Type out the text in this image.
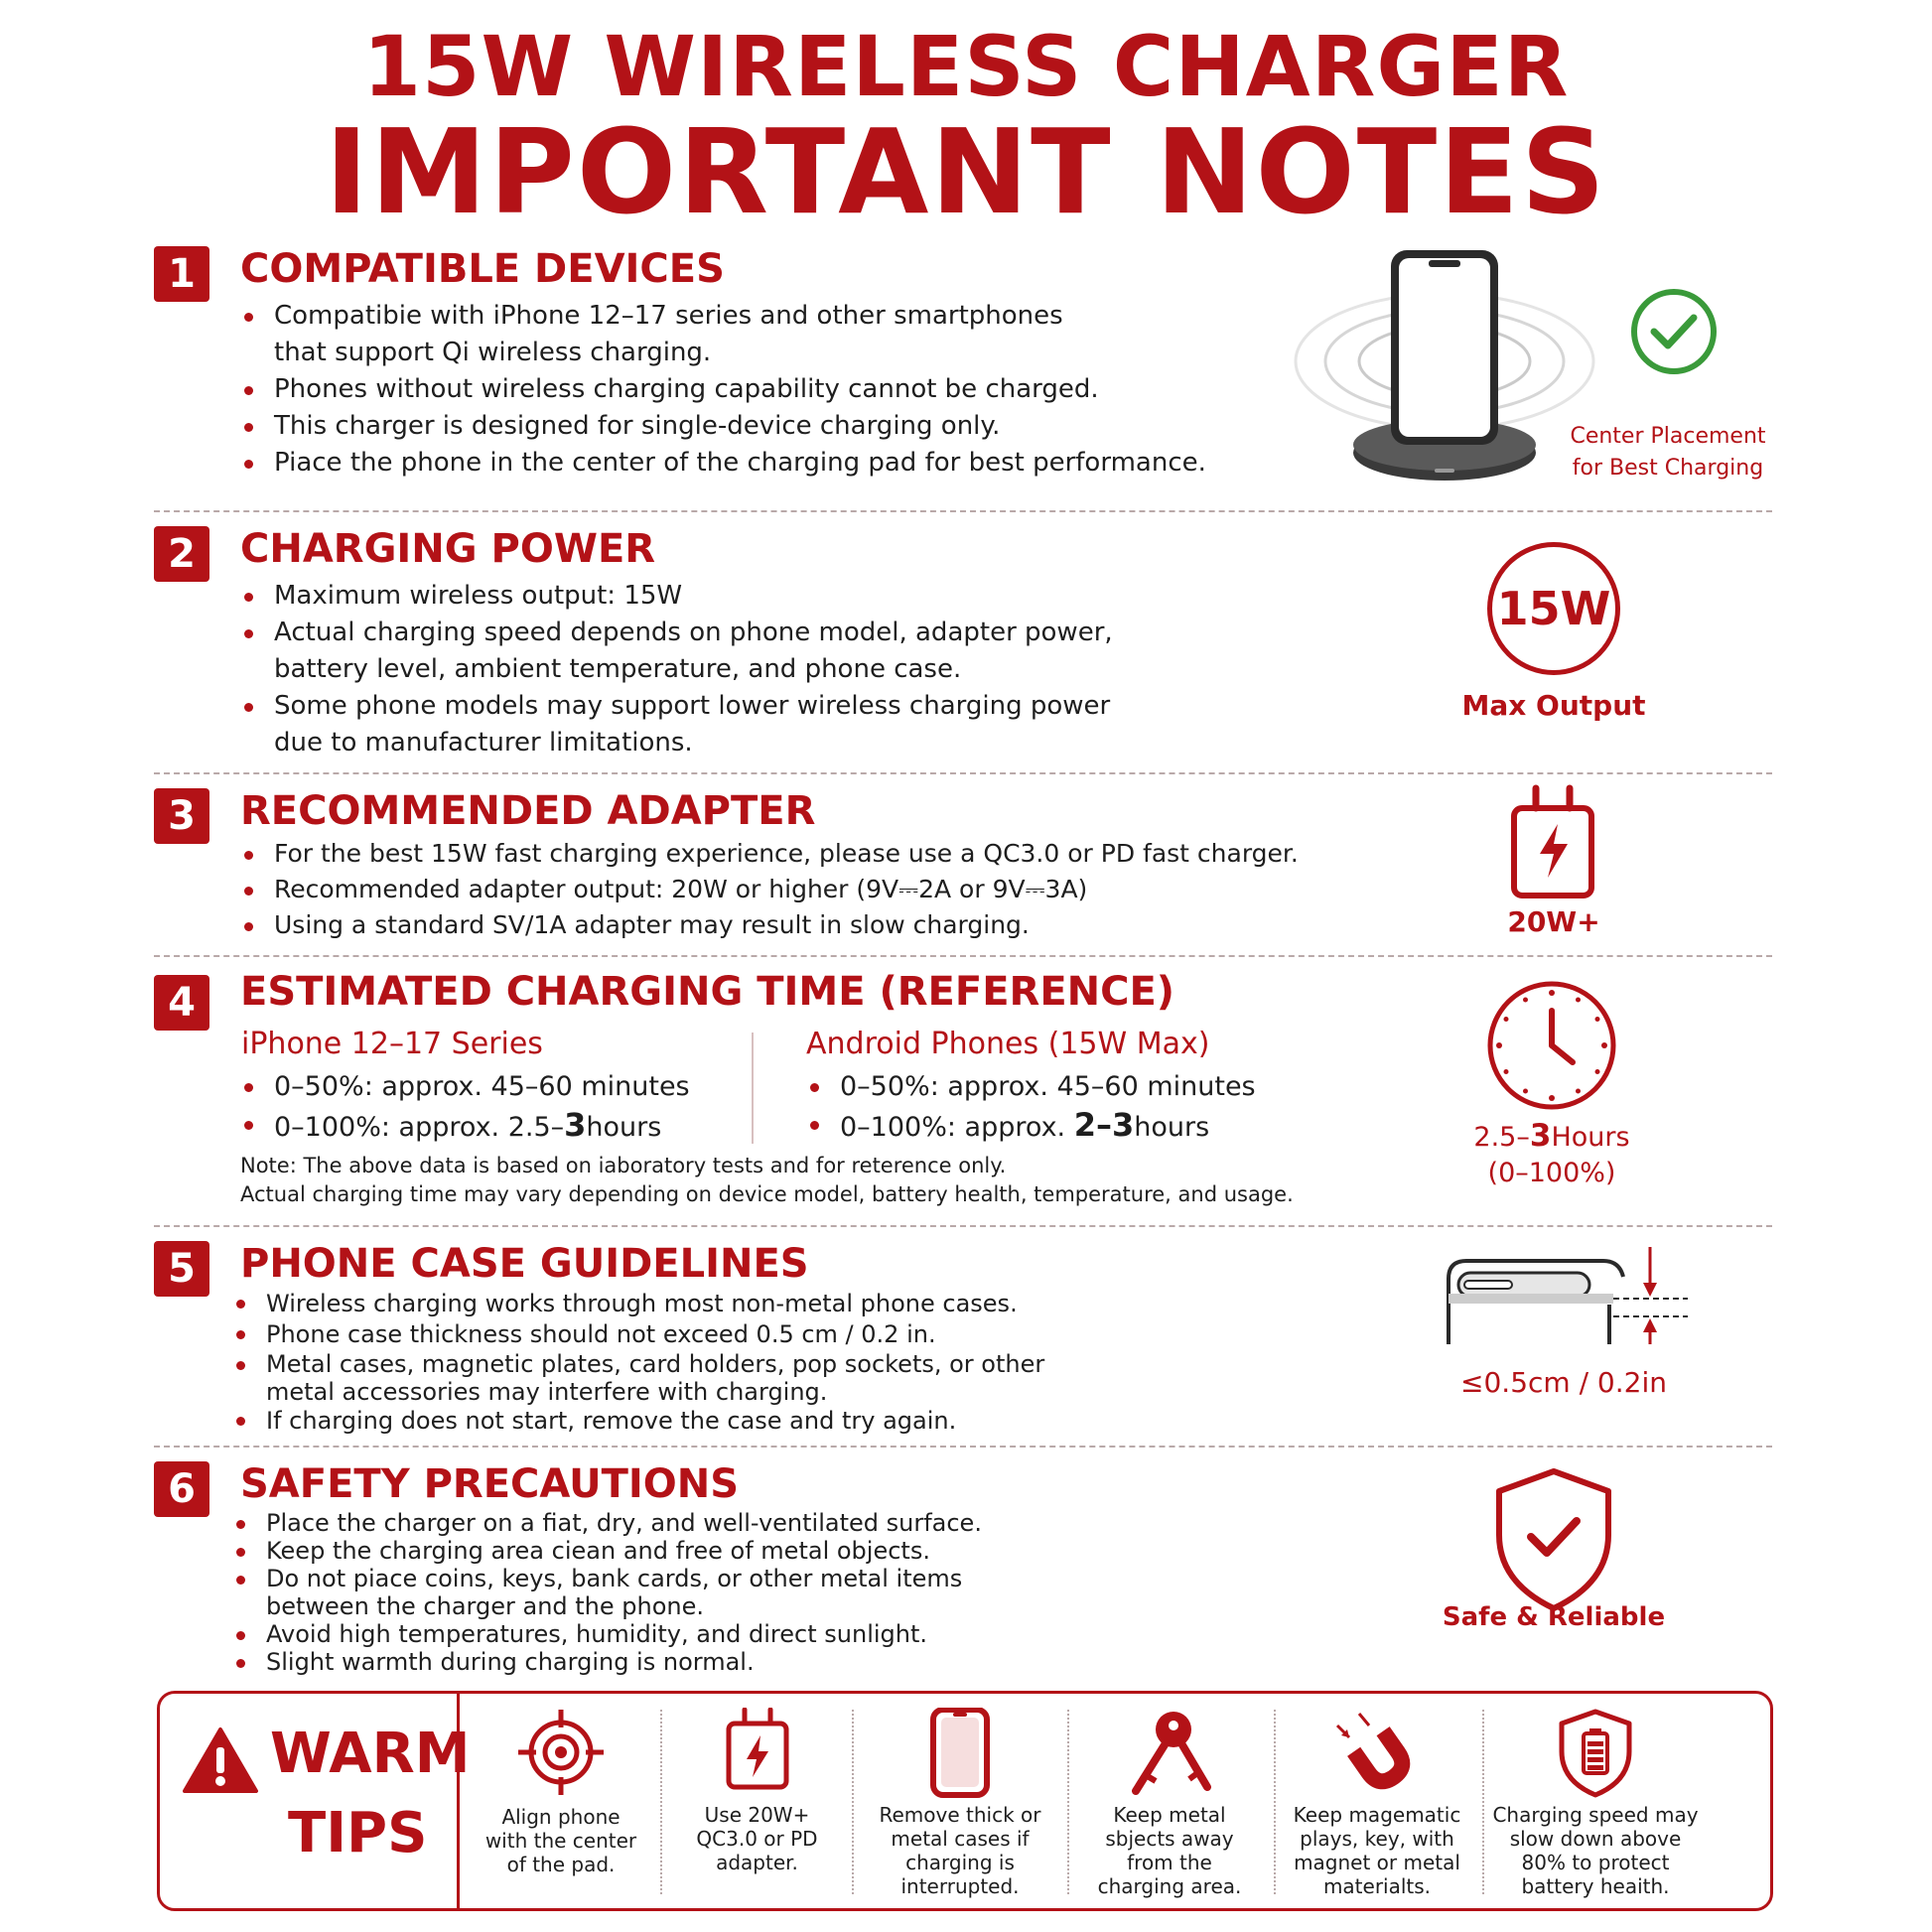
15W WIRELESS CHARGER
IMPORTANT NOTES
1	COMPATIBLE DEVICES
Compatibie with iPhone 12–17 series and other smartphones
that support Qi wireless charging.
Phones without wireless charging capability cannot be charged.
This charger is designed for single-device charging only.
Piace the phone in the center of the charging pad for best performance.
Center Placement
for Best Charging
2	CHARGING POWER
Maximum wireless output: 15W
Actual charging speed depends on phone model, adapter power,
battery level, ambient temperature, and phone case.
Some phone models may support lower wireless charging power
due to manufacturer limitations.
15W
Max Output
3	RECOMMENDED ADAPTER
For the best 15W fast charging experience, please use a QC3.0 or PD fast charger.
Recommended adapter output: 20W or higher (9V⎓2A or 9V⎓3A)
Using a standard SV/1A adapter may result in slow charging.	20W+
4	ESTIMATED CHARGING TIME (REFERENCE)
iPhone 12–17 Series
0–50%: approx. 45–60 minutes
0–100%: approx. 2.5–3hours
Android Phones (15W Max)
0–50%: approx. 45–60 minutes
0–100%: approx. 2–3hours
Note: The above data is based on iaboratory tests and for reterence only.
Actual charging time may vary depending on device model, battery health, temperature, and usage.
2.5–3Hours
(0–100%)
5	PHONE CASE GUIDELINES
Wireless charging works through most non-metal phone cases.
Phone case thickness should not exceed 0.5 cm / 0.2 in.
Metal cases, magnetic plates, card holders, pop sockets, or other
metal accessories may interfere with charging.
If charging does not start, remove the case and try again.
≤0.5cm / 0.2in
6	SAFETY PRECAUTIONS
Place the charger on a fiat, dry, and well-ventilated surface.
Keep the charging area ciean and free of metal objects.
Do not piace coins, keys, bank cards, or other metal items
between the charger and the phone.
Avoid high temperatures, humidity, and direct sunlight.
Slight warmth during charging is normal.
Safe & Reliable
WARM
TIPS	Align phone
with the center
of the pad.
Use 20W+
QC3.0 or PD
adapter.
Remove thick or
metal cases if
charging is
interrupted.
Keep metal
sbjects away
from the
charging area.
Keep magematic
plays, key, with
magnet or metal
materialts.
Charging speed may
slow down above
80% to protect
battery heaith.
